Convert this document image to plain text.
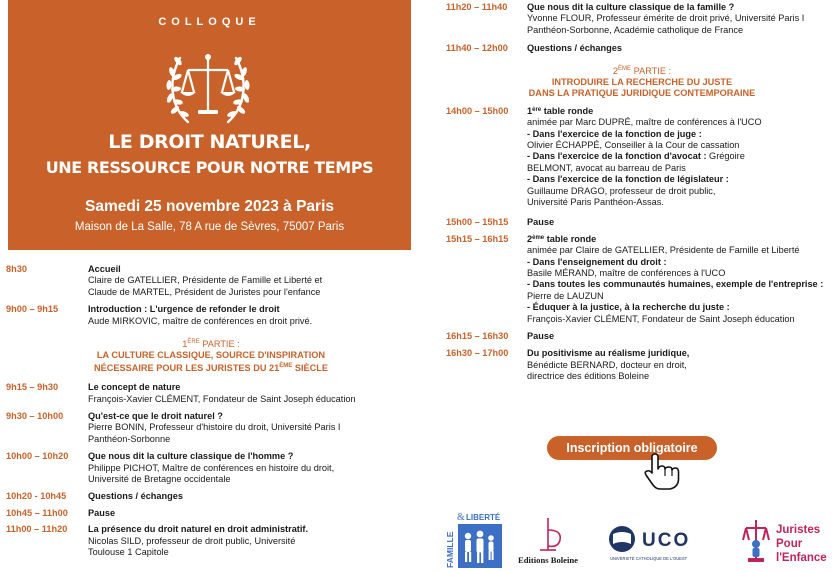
COLLOQUE
LE DROIT NATUREL,
UNE RESSOURCE POUR NOTRE TEMPS
Samedi 25 novembre 2023 à Paris
Maison de La Salle, 78 A rue de Sèvres, 75007 Paris
8h30	Accueil
Claire de GATELLIER, Présidente de Famille et Liberté et
Claude de MARTEL, Président de Juristes pour l'enfance
9h00 – 9h15	Introduction : L'urgence de refonder le droit
Aude MIRKOVIC, maître de conférences en droit privé.
1ÈRE PARTIE :
LA CULTURE CLASSIQUE, SOURCE D'INSPIRATION
NÉCESSAIRE POUR LES JURISTES DU 21ÈME SIÈCLE
9h15 – 9h30	Le concept de nature
François-Xavier CLÉMENT, Fondateur de Saint Joseph éducation
9h30 – 10h00	Qu'est-ce que le droit naturel ?
Pierre BONIN, Professeur d'histoire du droit, Université Paris I
Panthéon-Sorbonne
10h00 – 10h20	Que nous dit la culture classique de l'homme ?
Philippe PICHOT, Maître de conférences en histoire du droit,
Université de Bretagne occidentale
10h20 - 10h45	Questions / échanges
10h45 – 11h00	Pause
11h00 – 11h20	La présence du droit naturel en droit administratif.
Nicolas SILD, professeur de droit public, Université
Toulouse 1 Capitole
11h20 – 11h40	Que nous dit la culture classique de la famille ?
Yvonne FLOUR, Professeur émérite de droit privé, Université Paris I
Panthéon-Sorbonne, Académie catholique de France
11h40 – 12h00	Questions / échanges
2ÈME PARTIE :
INTRODUIRE LA RECHERCHE DU JUSTE
DANS LA PRATIQUE JURIDIQUE CONTEMPORAINE
14h00 – 15h00	1ère table ronde
animée par Marc DUPRÉ, maître de conférences à l'UCO
- Dans l'exercice de la fonction de juge :
Olivier ÉCHAPPÉ, Conseiller à la Cour de cassation
- Dans l'exercice de la fonction d'avocat : Grégoire
BELMONT, avocat au barreau de Paris
- Dans l'exercice de la fonction de législateur :
Guillaume DRAGO, professeur de droit public,
Université Paris Panthéon-Assas.
15h00 – 15h15	Pause
15h15 – 16h15	2ème table ronde
animée par Claire de GATELLIER, Présidente de Famille et Liberté
- Dans l'enseignement du droit :
Basile MÉRAND, maître de conférences à l'UCO
- Dans toutes les communautés humaines, exemple de l'entreprise :
Pierre de LAUZUN
- Éduquer à la justice, à la recherche du juste :
François-Xavier CLÉMENT, Fondateur de Saint Joseph éducation
16h15 – 16h30	Pause
16h30 – 17h00	Du positivisme au réalisme juridique,
Bénédicte BERNARD, docteur en droit,
directrice des éditions Boleine
Inscription obligatoire
FAMILLE
& LIBERTÉ
Editions Boleine
UCO
UNIVERSITÉ CATHOLIQUE DE L'OUEST
Juristes
Pour
l'Enfance
